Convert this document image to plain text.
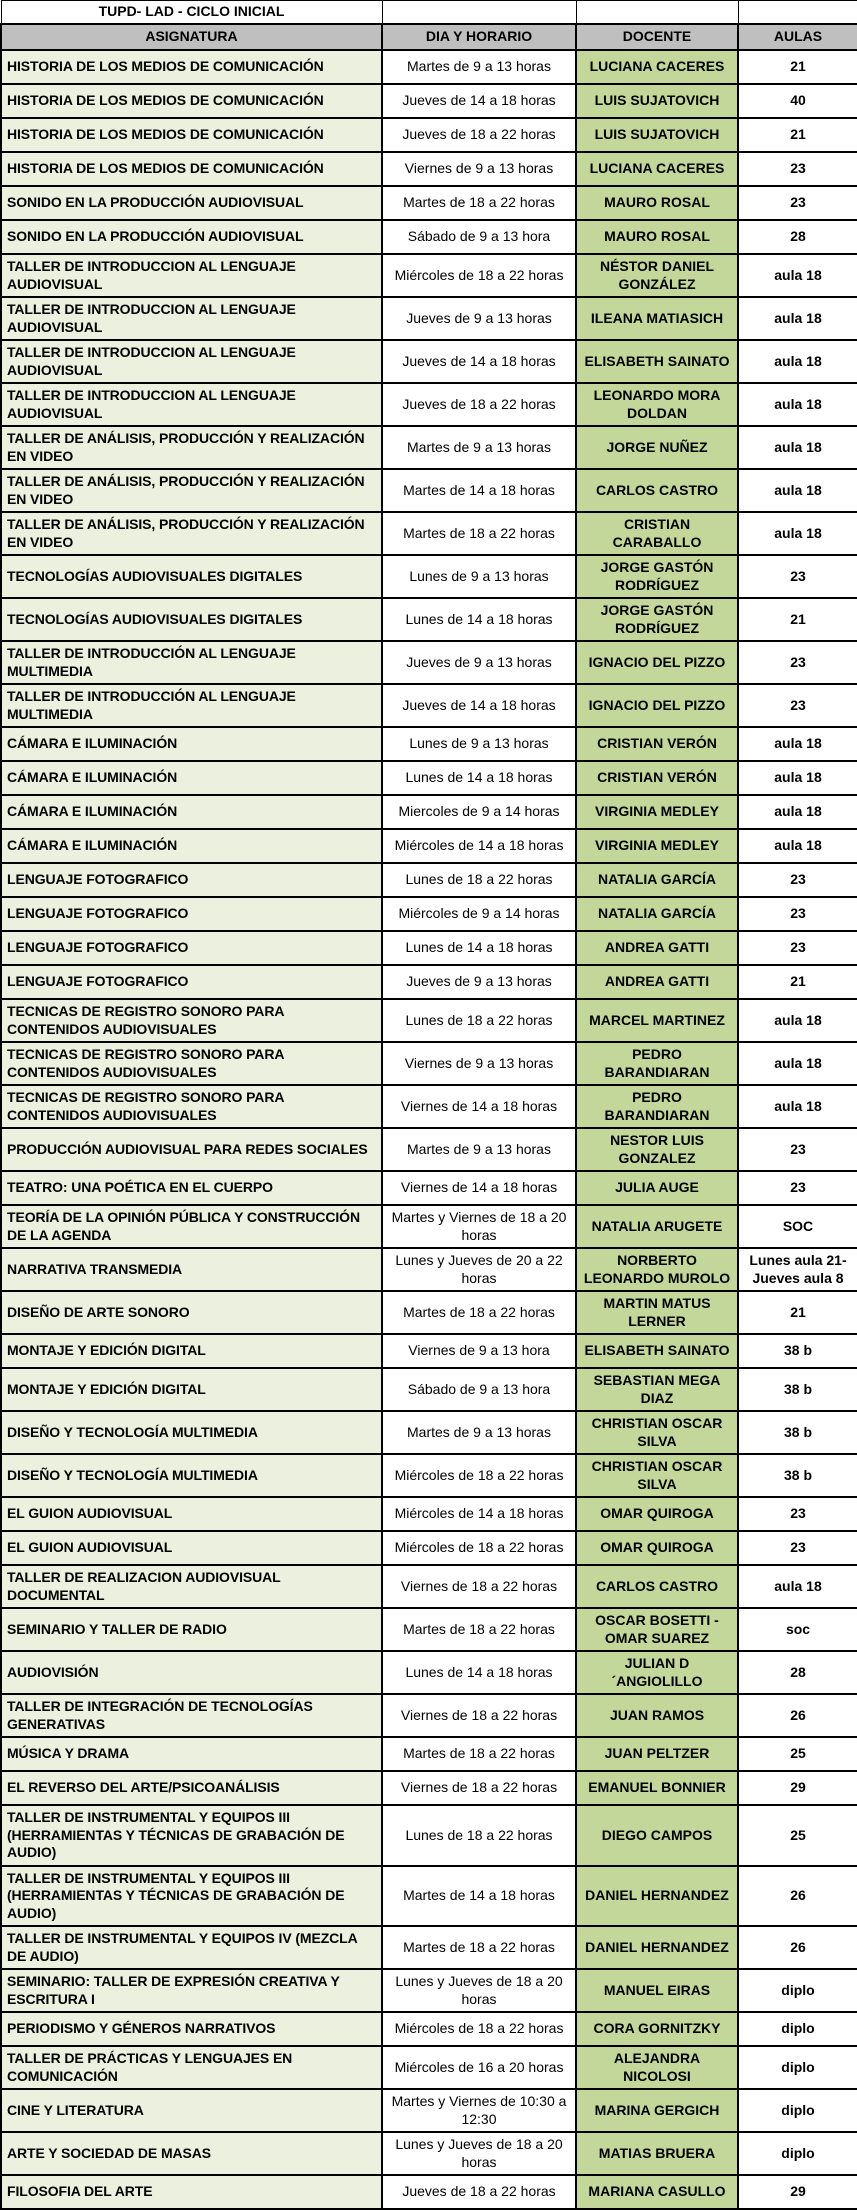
TUPD- LAD - CICLO INICIAL			
ASIGNATURA	DIA Y HORARIO	DOCENTE	AULAS
HISTORIA DE LOS MEDIOS DE COMUNICACIÓN	Martes de 9 a 13 horas	LUCIANA CACERES	21
HISTORIA DE LOS MEDIOS DE COMUNICACIÓN	Jueves de 14 a 18 horas	LUIS SUJATOVICH	40
HISTORIA DE LOS MEDIOS DE COMUNICACIÓN	Jueves de 18 a 22 horas	LUIS SUJATOVICH	21
HISTORIA DE LOS MEDIOS DE COMUNICACIÓN	Viernes de 9 a 13 horas	LUCIANA CACERES	23
SONIDO EN LA PRODUCCIÓN AUDIOVISUAL	Martes de 18 a 22 horas	MAURO ROSAL	23
SONIDO EN LA PRODUCCIÓN AUDIOVISUAL	Sábado de 9 a 13 hora	MAURO ROSAL	28
TALLER DE INTRODUCCION AL LENGUAJE AUDIOVISUAL	Miércoles de 18 a 22 horas	NÉSTOR DANIEL GONZÁLEZ	aula 18
TALLER DE INTRODUCCION AL LENGUAJE AUDIOVISUAL	Jueves de 9 a 13 horas	ILEANA MATIASICH	aula 18
TALLER DE INTRODUCCION AL LENGUAJE AUDIOVISUAL	Jueves de 14 a 18 horas	ELISABETH SAINATO	aula 18
TALLER DE INTRODUCCION AL LENGUAJE AUDIOVISUAL	Jueves de 18 a 22 horas	LEONARDO MORA DOLDAN	aula 18
TALLER DE ANÁLISIS, PRODUCCIÓN Y REALIZACIÓN EN VIDEO	Martes de 9 a 13 horas	JORGE NUÑEZ	aula 18
TALLER DE ANÁLISIS, PRODUCCIÓN Y REALIZACIÓN EN VIDEO	Martes de 14 a 18 horas	CARLOS CASTRO	aula 18
TALLER DE ANÁLISIS, PRODUCCIÓN Y REALIZACIÓN EN VIDEO	Martes de 18 a 22 horas	CRISTIAN CARABALLO	aula 18
TECNOLOGÍAS AUDIOVISUALES DIGITALES	Lunes de 9 a 13 horas	JORGE GASTÓN RODRÍGUEZ	23
TECNOLOGÍAS AUDIOVISUALES DIGITALES	Lunes de 14 a 18 horas	JORGE GASTÓN RODRÍGUEZ	21
TALLER DE INTRODUCCIÓN AL LENGUAJE MULTIMEDIA	Jueves de 9 a 13 horas	IGNACIO DEL PIZZO	23
TALLER DE INTRODUCCIÓN AL LENGUAJE MULTIMEDIA	Jueves de 14 a 18 horas	IGNACIO DEL PIZZO	23
CÁMARA E ILUMINACIÓN	Lunes de 9 a 13 horas	CRISTIAN VERÓN	aula 18
CÁMARA E ILUMINACIÓN	Lunes de 14 a 18 horas	CRISTIAN VERÓN	aula 18
CÁMARA E ILUMINACIÓN	Miercoles de 9 a 14 horas	VIRGINIA MEDLEY	aula 18
CÁMARA E ILUMINACIÓN	Miércoles de 14 a 18 horas	VIRGINIA MEDLEY	aula 18
LENGUAJE FOTOGRAFICO	Lunes de 18 a 22 horas	NATALIA GARCÍA	23
LENGUAJE FOTOGRAFICO	Miércoles de 9 a 14 horas	NATALIA GARCÍA	23
LENGUAJE FOTOGRAFICO	Lunes de 14 a 18 horas	ANDREA GATTI	23
LENGUAJE FOTOGRAFICO	Jueves de 9 a 13 horas	ANDREA GATTI	21
TECNICAS DE REGISTRO SONORO PARA CONTENIDOS AUDIOVISUALES	Lunes de 18 a 22 horas	MARCEL MARTINEZ	aula 18
TECNICAS DE REGISTRO SONORO PARA CONTENIDOS AUDIOVISUALES	Viernes de 9 a 13 horas	PEDRO BARANDIARAN	aula 18
TECNICAS DE REGISTRO SONORO PARA CONTENIDOS AUDIOVISUALES	Viernes de 14 a 18 horas	PEDRO BARANDIARAN	aula 18
PRODUCCIÓN AUDIOVISUAL PARA REDES SOCIALES	Martes de 9 a 13 horas	NESTOR LUIS GONZALEZ	23
TEATRO: UNA POÉTICA EN EL CUERPO	Viernes de 14 a 18 horas	JULIA AUGE	23
TEORÍA DE LA OPINIÓN PÚBLICA Y CONSTRUCCIÓN DE LA AGENDA	Martes y Viernes de 18 a 20 horas	NATALIA ARUGETE	SOC
NARRATIVA TRANSMEDIA	Lunes y Jueves de 20 a 22 horas	NORBERTO LEONARDO MUROLO	Lunes aula 21-Jueves aula 8
DISEÑO DE ARTE SONORO	Martes de 18 a 22 horas	MARTIN MATUS LERNER	21
MONTAJE Y EDICIÓN DIGITAL	Viernes de 9 a 13 hora	ELISABETH SAINATO	38 b
MONTAJE Y EDICIÓN DIGITAL	Sábado de 9 a 13 hora	SEBASTIAN MEGA DIAZ	38 b
DISEÑO Y TECNOLOGÍA MULTIMEDIA	Martes de 9 a 13 horas	CHRISTIAN OSCAR SILVA	38 b
DISEÑO Y TECNOLOGÍA MULTIMEDIA	Miércoles de 18 a 22 horas	CHRISTIAN OSCAR SILVA	38 b
EL GUION AUDIOVISUAL	Miércoles de 14 a 18 horas	OMAR QUIROGA	23
EL GUION AUDIOVISUAL	Miércoles de 18 a 22 horas	OMAR QUIROGA	23
TALLER DE REALIZACION AUDIOVISUAL DOCUMENTAL	Viernes de 18 a 22 horas	CARLOS CASTRO	aula 18
SEMINARIO Y TALLER DE RADIO	Martes de 18 a 22 horas	OSCAR BOSETTI - OMAR SUAREZ	soc
AUDIOVISIÓN	Lunes de 14 a 18 horas	JULIAN D´ANGIOLILLO	28
TALLER DE INTEGRACIÓN DE TECNOLOGÍAS GENERATIVAS	Viernes de 18 a 22 horas	JUAN RAMOS	26
MÚSICA Y DRAMA	Martes de 18 a 22 horas	JUAN PELTZER	25
EL REVERSO DEL ARTE/PSICOANÁLISIS	Viernes de 18 a 22 horas	EMANUEL BONNIER	29
TALLER DE INSTRUMENTAL Y EQUIPOS III (HERRAMIENTAS Y TÉCNICAS DE GRABACIÓN DE AUDIO)	Lunes de 18 a 22 horas	DIEGO CAMPOS	25
TALLER DE INSTRUMENTAL Y EQUIPOS III (HERRAMIENTAS Y TÉCNICAS DE GRABACIÓN DE AUDIO)	Martes de 14 a 18 horas	DANIEL HERNANDEZ	26
TALLER DE INSTRUMENTAL Y EQUIPOS IV (MEZCLA DE AUDIO)	Martes de 18 a 22 horas	DANIEL HERNANDEZ	26
SEMINARIO: TALLER DE EXPRESIÓN CREATIVA Y ESCRITURA I	Lunes y Jueves de 18 a 20 horas	MANUEL EIRAS	diplo
PERIODISMO Y GÉNEROS NARRATIVOS	Miércoles de 18 a 22 horas	CORA GORNITZKY	diplo
TALLER DE PRÁCTICAS Y LENGUAJES EN COMUNICACIÓN	Miércoles de 16 a 20 horas	ALEJANDRA NICOLOSI	diplo
CINE Y LITERATURA	Martes y Viernes de 10:30 a 12:30	MARINA GERGICH	diplo
ARTE Y SOCIEDAD DE MASAS	Lunes y Jueves de 18 a 20 horas	MATIAS BRUERA	diplo
FILOSOFIA DEL ARTE	Jueves de 18 a 22 horas	MARIANA CASULLO	29
